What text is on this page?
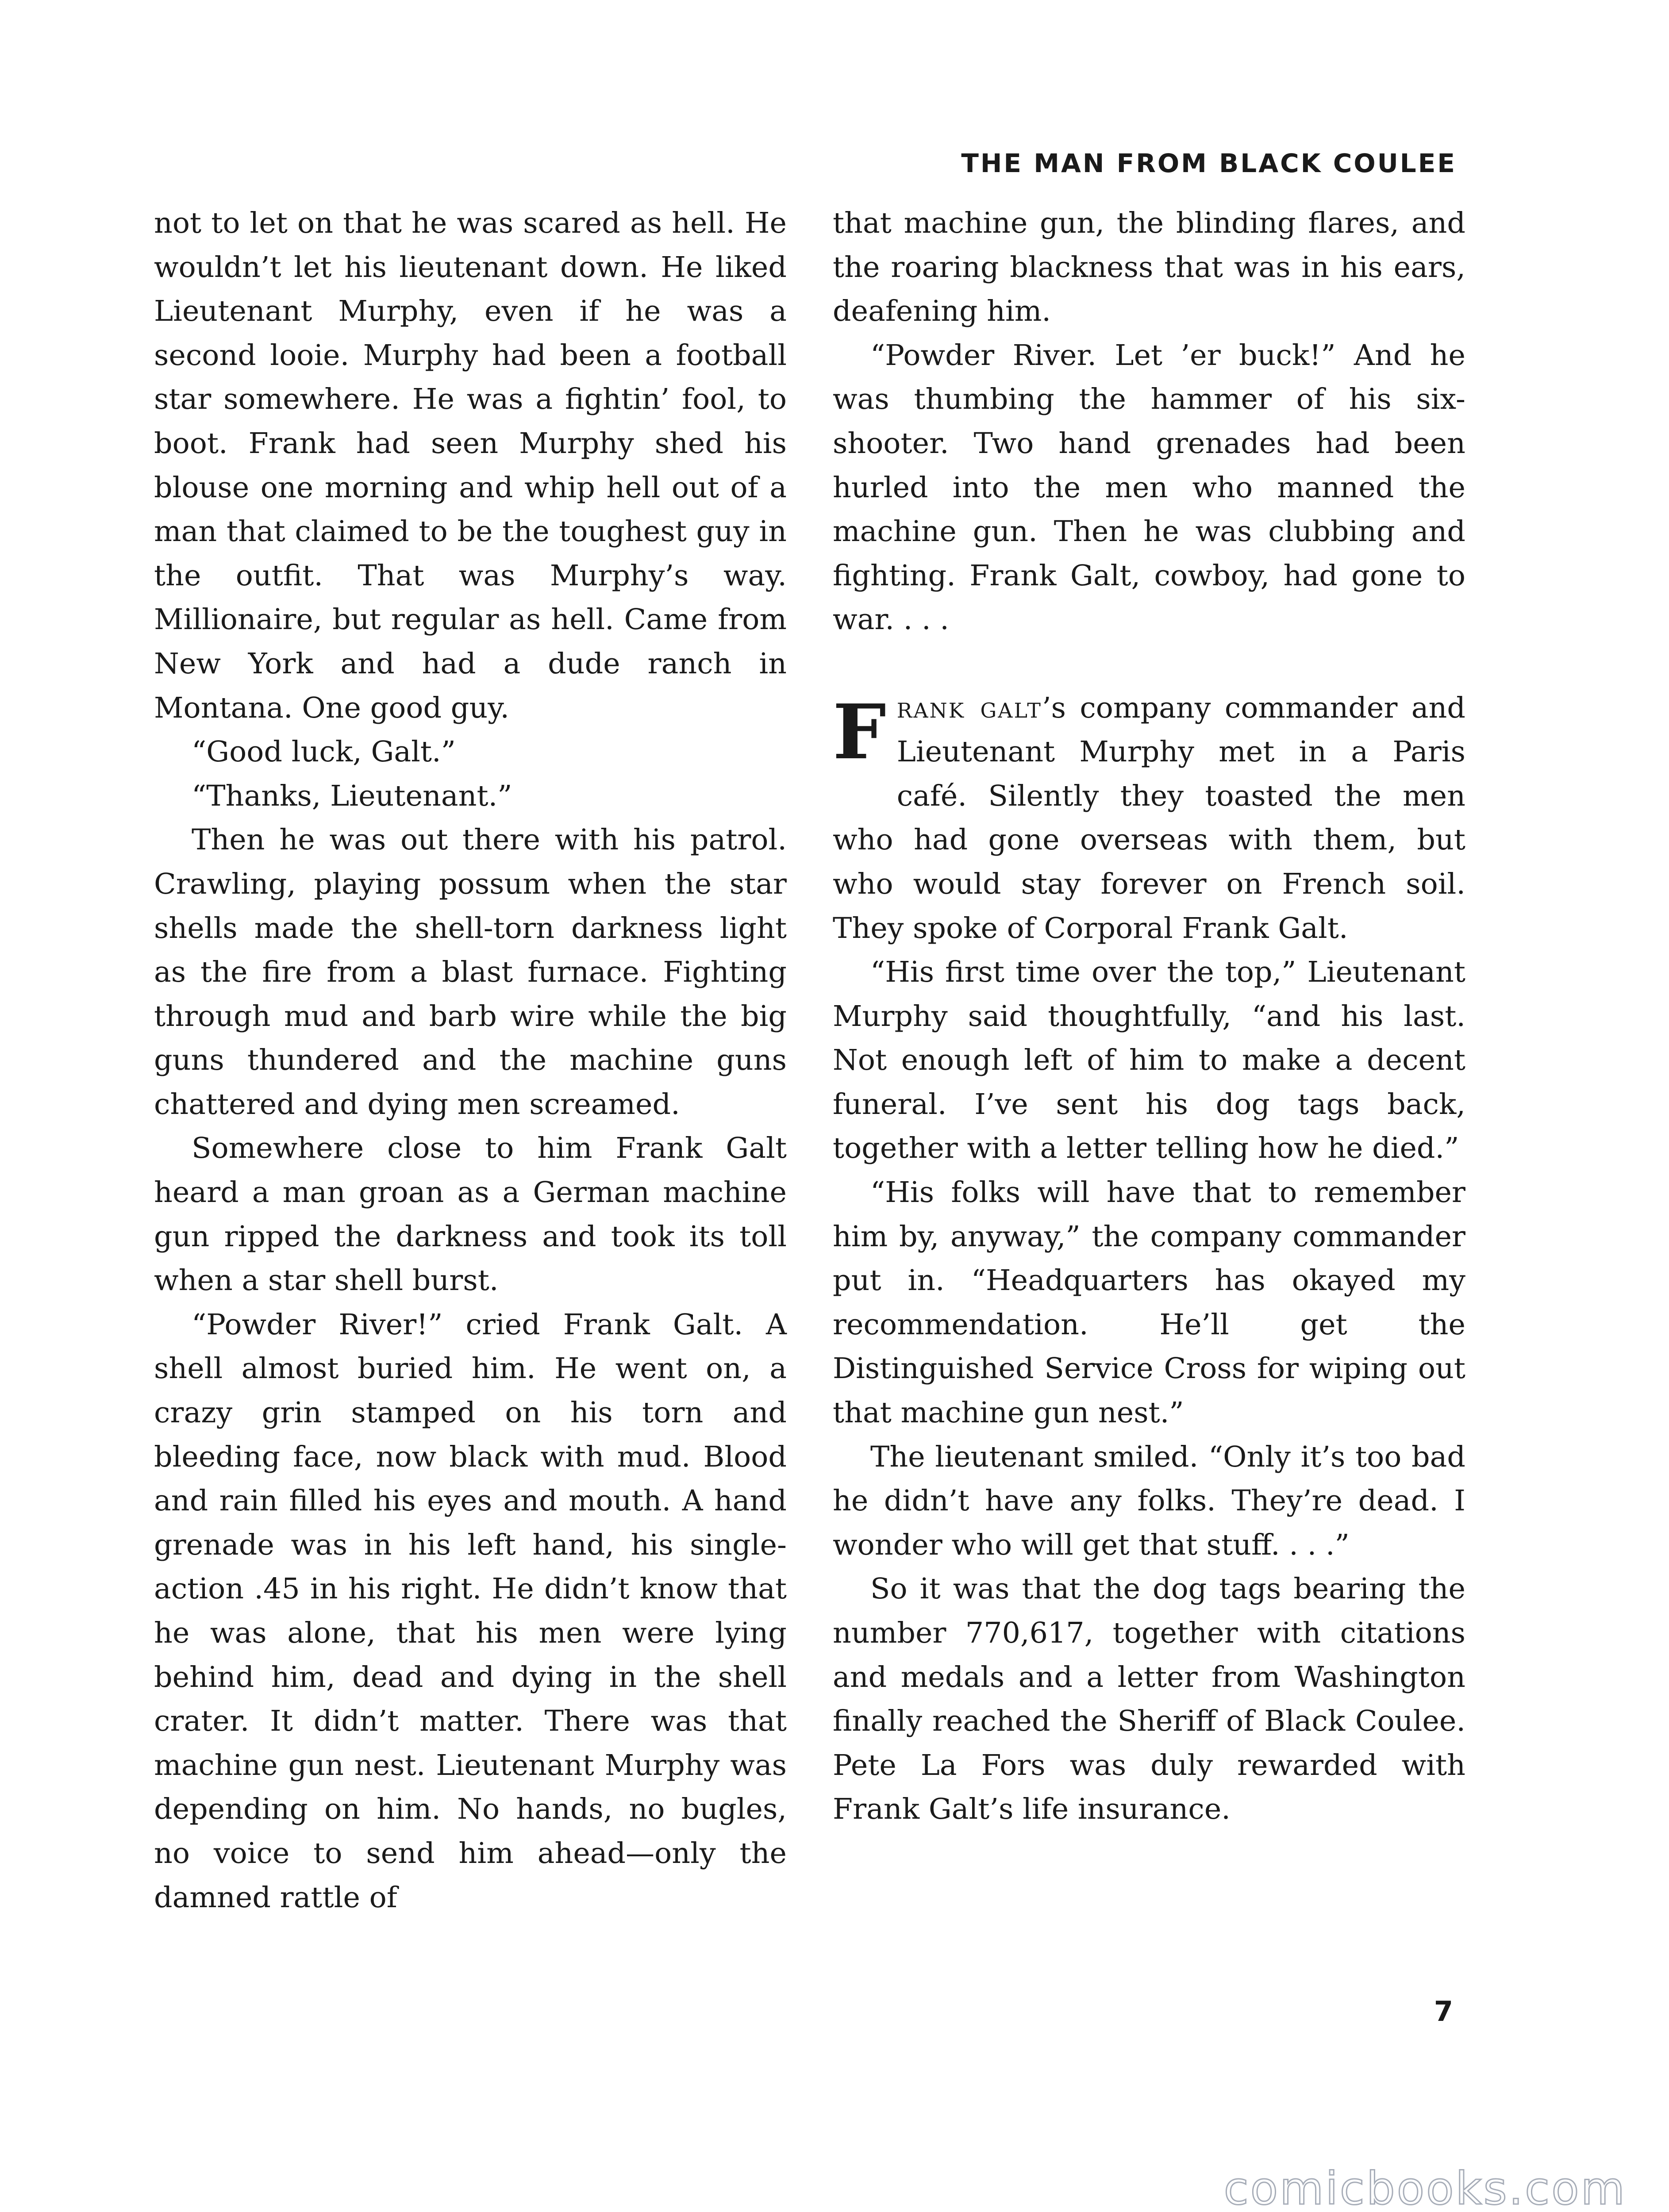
THE MAN FROM BLACK COULEE

not to let on that he was scared as hell. He wouldn’t let his lieutenant down. He liked Lieutenant Murphy, even if he was a second looie. Murphy had been a football star somewhere. He was a fightin’ fool, to boot. Frank had seen Murphy shed his blouse one morning and whip hell out of a man that claimed to be the toughest guy in the outfit. That was Murphy’s way. Millionaire, but regular as hell. Came from New York and had a dude ranch in Montana. One good guy.

“Good luck, Galt.”

“Thanks, Lieutenant.”

Then he was out there with his patrol. Crawling, playing possum when the star shells made the shell-torn darkness light as the fire from a blast furnace. Fighting through mud and barb wire while the big guns thundered and the machine guns chattered and dying men screamed.

Somewhere close to him Frank Galt heard a man groan as a German machine gun ripped the darkness and took its toll when a star shell burst.

“Powder River!” cried Frank Galt. A shell almost buried him. He went on, a crazy grin stamped on his torn and bleeding face, now black with mud. Blood and rain filled his eyes and mouth. A hand grenade was in his left hand, his single-action .45 in his right. He didn’t know that he was alone, that his men were lying behind him, dead and dying in the shell crater. It didn’t matter. There was that machine gun nest. Lieutenant Murphy was depending on him. No hands, no bugles, no voice to send him ahead—only the damned rattle of

that machine gun, the blinding flares, and the roaring blackness that was in his ears, deafening him.

“Powder River. Let ’er buck!” And he was thumbing the hammer of his six-shooter. Two hand grenades had been hurled into the men who manned the machine gun. Then he was clubbing and fighting. Frank Galt, cowboy, had gone to war. . . .

Frank galt’s company commander and Lieutenant Murphy met in a Paris café. Silently they toasted the men who had gone overseas with them, but who would stay forever on French soil. They spoke of Corporal Frank Galt.

“His first time over the top,” Lieutenant Murphy said thoughtfully, “and his last. Not enough left of him to make a decent funeral. I’ve sent his dog tags back, together with a letter telling how he died.”

“His folks will have that to remember him by, anyway,” the company commander put in. “Headquarters has okayed my recommendation. He’ll get the Distinguished Service Cross for wiping out that machine gun nest.”

The lieutenant smiled. “Only it’s too bad he didn’t have any folks. They’re dead. I wonder who will get that stuff. . . .”

So it was that the dog tags bearing the number 770,617, together with citations and medals and a letter from Washington finally reached the Sheriff of Black Coulee. Pete La Fors was duly rewarded with Frank Galt’s life insurance.

7
comicbooks.com
